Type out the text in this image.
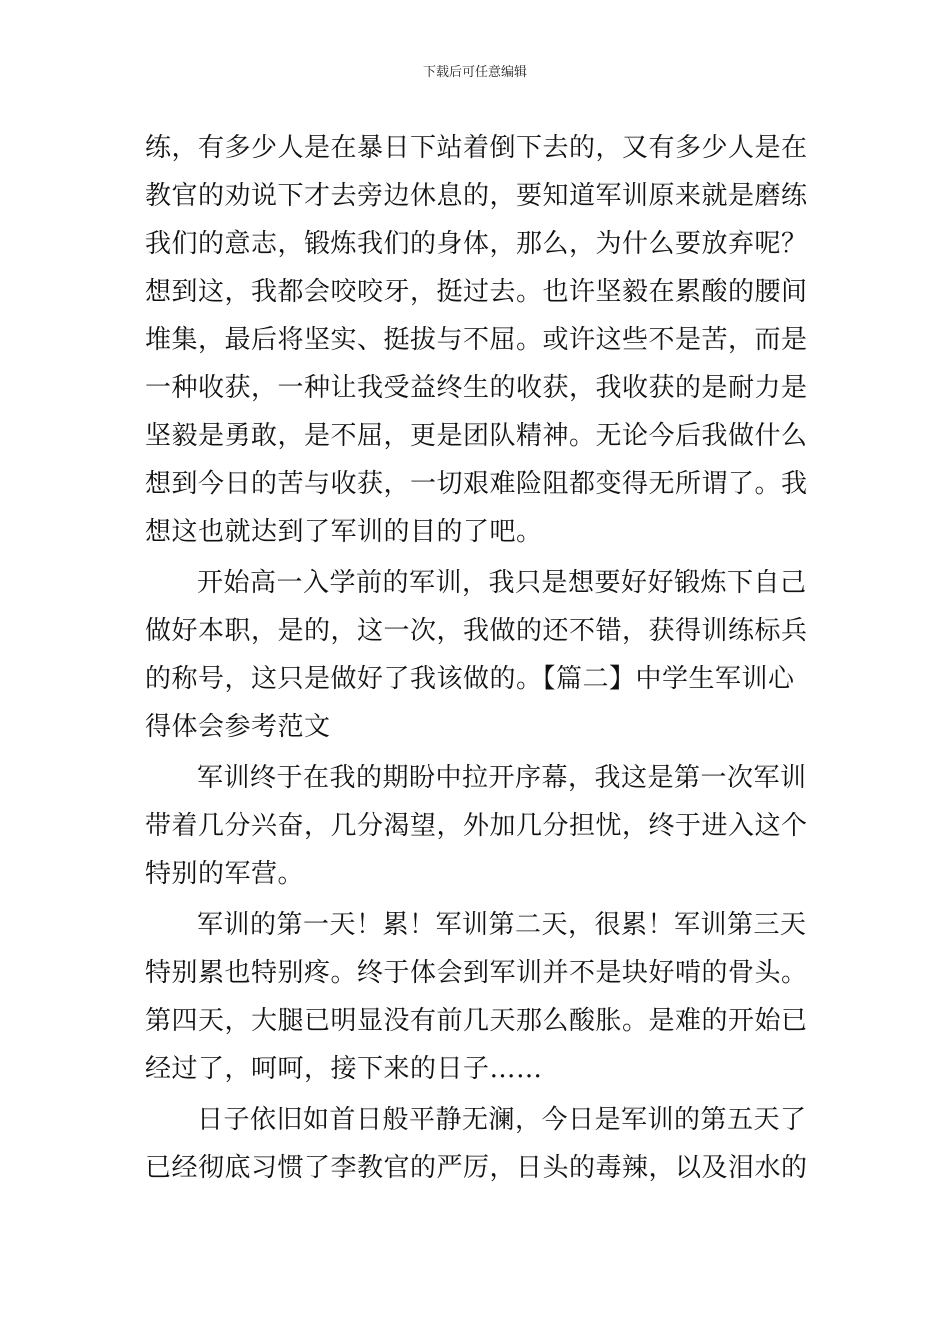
下载后可任意编辑
练，有多少人是在暴日下站着倒下去的，又有多少人是在
教官的劝说下才去旁边休息的，要知道军训原来就是磨练
我们的意志，锻炼我们的身体，那么，为什么要放弃呢？
想到这，我都会咬咬牙，挺过去。也许坚毅在累酸的腰间
堆集，最后将坚实、挺拔与不屈。或许这些不是苦，而是
一种收获，一种让我受益终生的收获，我收获的是耐力是
坚毅是勇敢，是不屈，更是团队精神。无论今后我做什么
想到今日的苦与收获，一切艰难险阻都变得无所谓了。我
想这也就达到了军训的目的了吧。
开始高一入学前的军训，我只是想要好好锻炼下自己
做好本职，是的，这一次，我做的还不错，获得训练标兵
的称号，这只是做好了我该做的。【篇二】中学生军训心
得体会参考范文
军训终于在我的期盼中拉开序幕，我这是第一次军训
带着几分兴奋，几分渴望，外加几分担忧，终于进入这个
特别的军营。
军训的第一天！累！军训第二天，很累！军训第三天
特别累也特别疼。终于体会到军训并不是块好啃的骨头。
第四天，大腿已明显没有前几天那么酸胀。是难的开始已
经过了，呵呵，接下来的日子……
日子依旧如首日般平静无澜，今日是军训的第五天了
已经彻底习惯了李教官的严厉，日头的毒辣，以及泪水的
